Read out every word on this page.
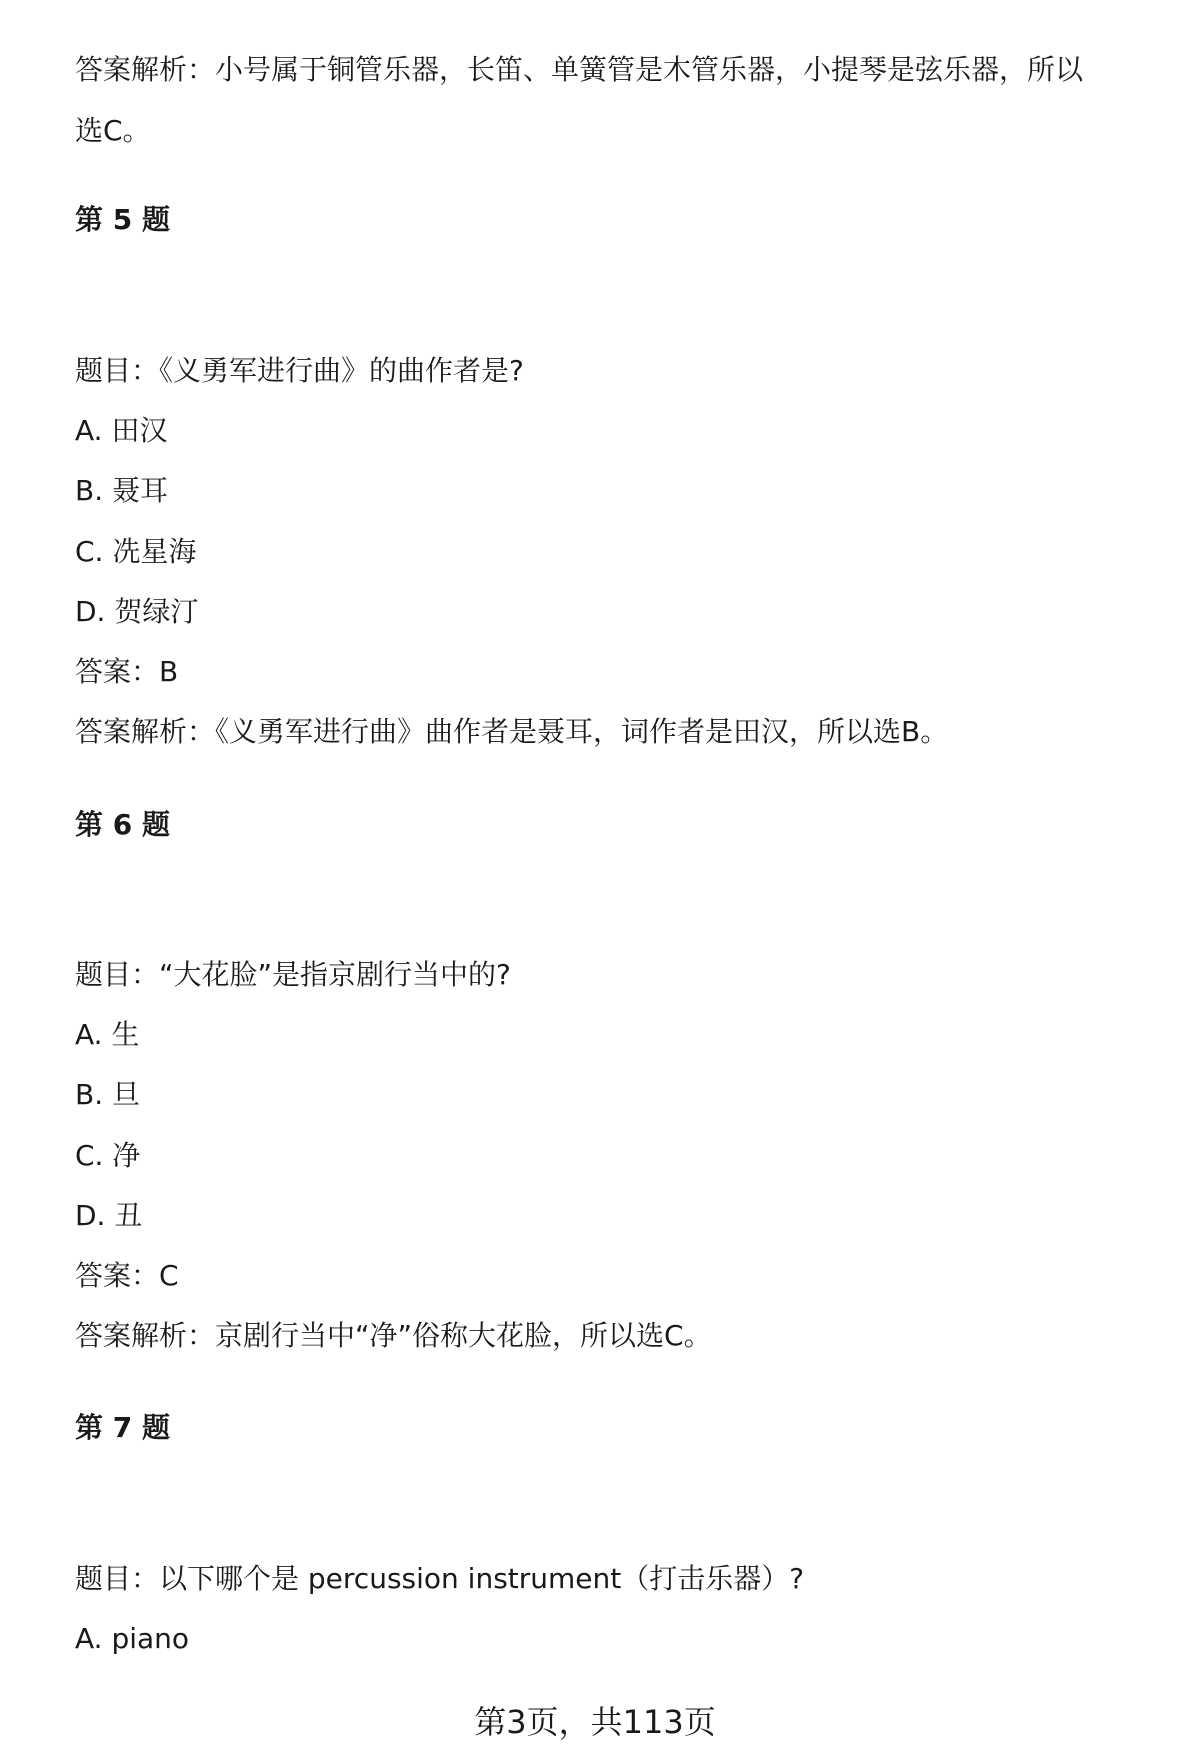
答案解析：小号属于铜管乐器，长笛、单簧管是木管乐器，小提琴是弦乐器，所以
选C。
第 5 题
题目：《义勇军进行曲》的曲作者是?
A. 田汉
B. 聂耳
C. 冼星海
D. 贺绿汀
答案：B
答案解析：《义勇军进行曲》曲作者是聂耳，词作者是田汉，所以选B。
第 6 题
题目：“大花脸”是指京剧行当中的?
A. 生
B. 旦
C. 净
D. 丑
答案：C
答案解析：京剧行当中“净”俗称大花脸，所以选C。
第 7 题
题目：以下哪个是 percussion instrument（打击乐器）?
A. piano
第3页，共113页
